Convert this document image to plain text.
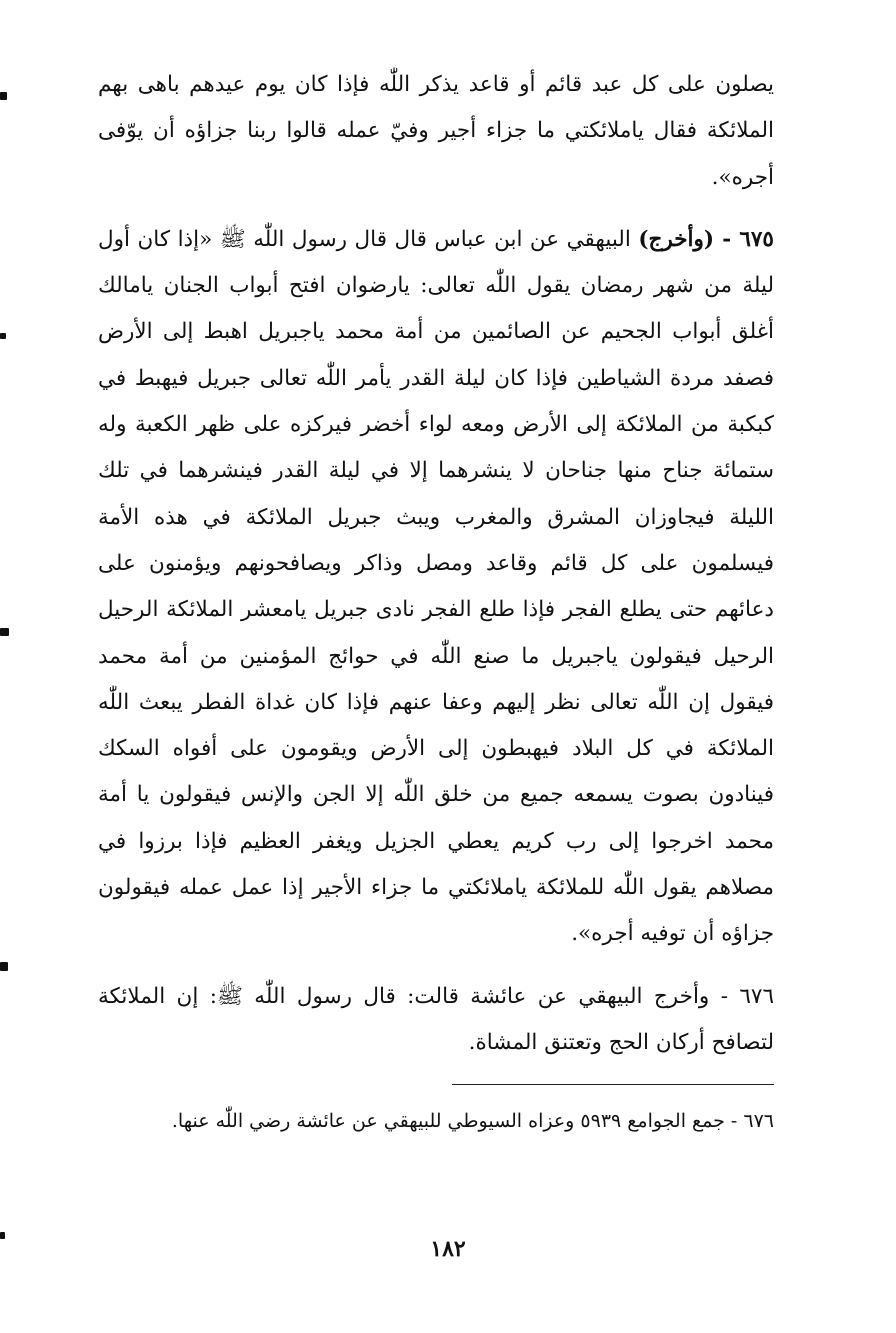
يصلون على كل عبد قائم أو قاعد يذكر اللّٰه فإذا كان يوم عيدهم باهى بهم الملائكة فقال ياملائكتي ما جزاء أجير وفيّ عمله قالوا ربنا جزاؤه أن يوّفى أجره».

٦٧٥ - (وأخرج) البيهقي عن ابن عباس قال قال رسول اللّٰه ﷺ «إذا كان أول ليلة من شهر رمضان يقول اللّٰه تعالى: يارضوان افتح أبواب الجنان يامالك أغلق أبواب الجحيم عن الصائمين من أمة محمد ياجبريل اهبط إلى الأرض فصفد مردة الشياطين فإذا كان ليلة القدر يأمر اللّٰه تعالى جبريل فيهبط في كبكبة من الملائكة إلى الأرض ومعه لواء أخضر فيركزه على ظهر الكعبة وله ستمائة جناح منها جناحان لا ينشرهما إلا في ليلة القدر فينشرهما في تلك الليلة فيجاوزان المشرق والمغرب ويبث جبريل الملائكة في هذه الأمة فيسلمون على كل قائم وقاعد ومصل وذاكر ويصافحونهم ويؤمنون على دعائهم حتى يطلع الفجر فإذا طلع الفجر نادى جبريل يامعشر الملائكة الرحيل الرحيل فيقولون ياجبريل ما صنع اللّٰه في حوائج المؤمنين من أمة محمد فيقول إن اللّٰه تعالى نظر إليهم وعفا عنهم فإذا كان غداة الفطر يبعث اللّٰه الملائكة في كل البلاد فيهبطون إلى الأرض ويقومون على أفواه السكك فينادون بصوت يسمعه جميع من خلق اللّٰه إلا الجن والإنس فيقولون يا أمة محمد اخرجوا إلى رب كريم يعطي الجزيل ويغفر العظيم فإذا برزوا في مصلاهم يقول اللّٰه للملائكة ياملائكتي ما جزاء الأجير إذا عمل عمله فيقولون جزاؤه أن توفيه أجره».

٦٧٦ - وأخرج البيهقي عن عائشة قالت: قال رسول اللّٰه ﷺ: إن الملائكة لتصافح أركان الحج وتعتنق المشاة.

٦٧٦ - جمع الجوامع ٥٩٣٩ وعزاه السيوطي للبيهقي عن عائشة رضي اللّٰه عنها.
١٨٢
